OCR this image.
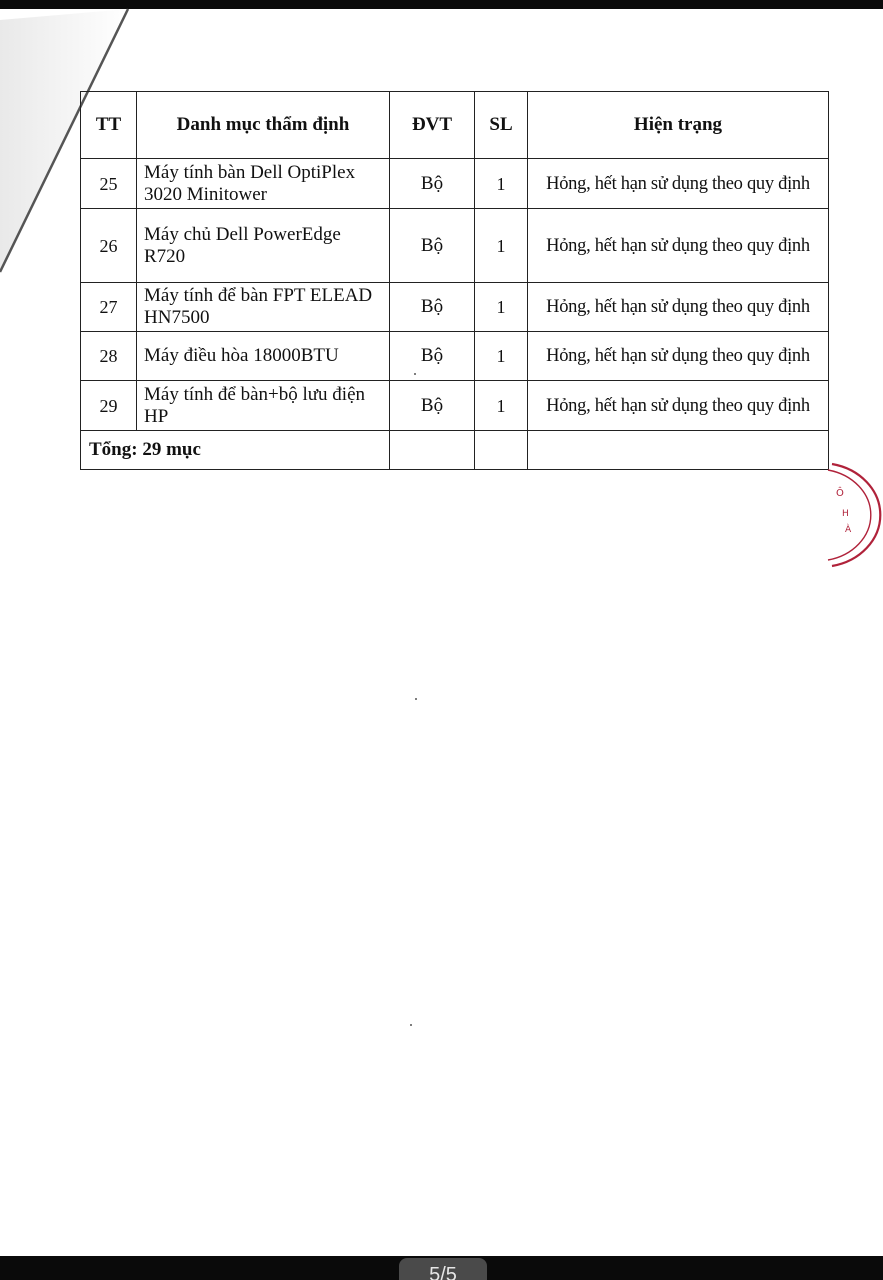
TT	Danh mục thẩm định	ĐVT	SL	Hiện trạng
25	Máy tính bàn Dell OptiPlex 3020 Minitower	Bộ	1	Hỏng, hết hạn sử dụng theo quy định
26	Máy chủ Dell PowerEdge R720	Bộ	1	Hỏng, hết hạn sử dụng theo quy định
27	Máy tính để bàn FPT ELEAD HN7500	Bộ	1	Hỏng, hết hạn sử dụng theo quy định
28	Máy điều hòa 18000BTU	Bộ	1	Hỏng, hết hạn sử dụng theo quy định
29	Máy tính để bàn+bộ lưu điện HP	Bộ	1	Hỏng, hết hạn sử dụng theo quy định
Tổng: 29 mục				
Ô
H
À
5/5
